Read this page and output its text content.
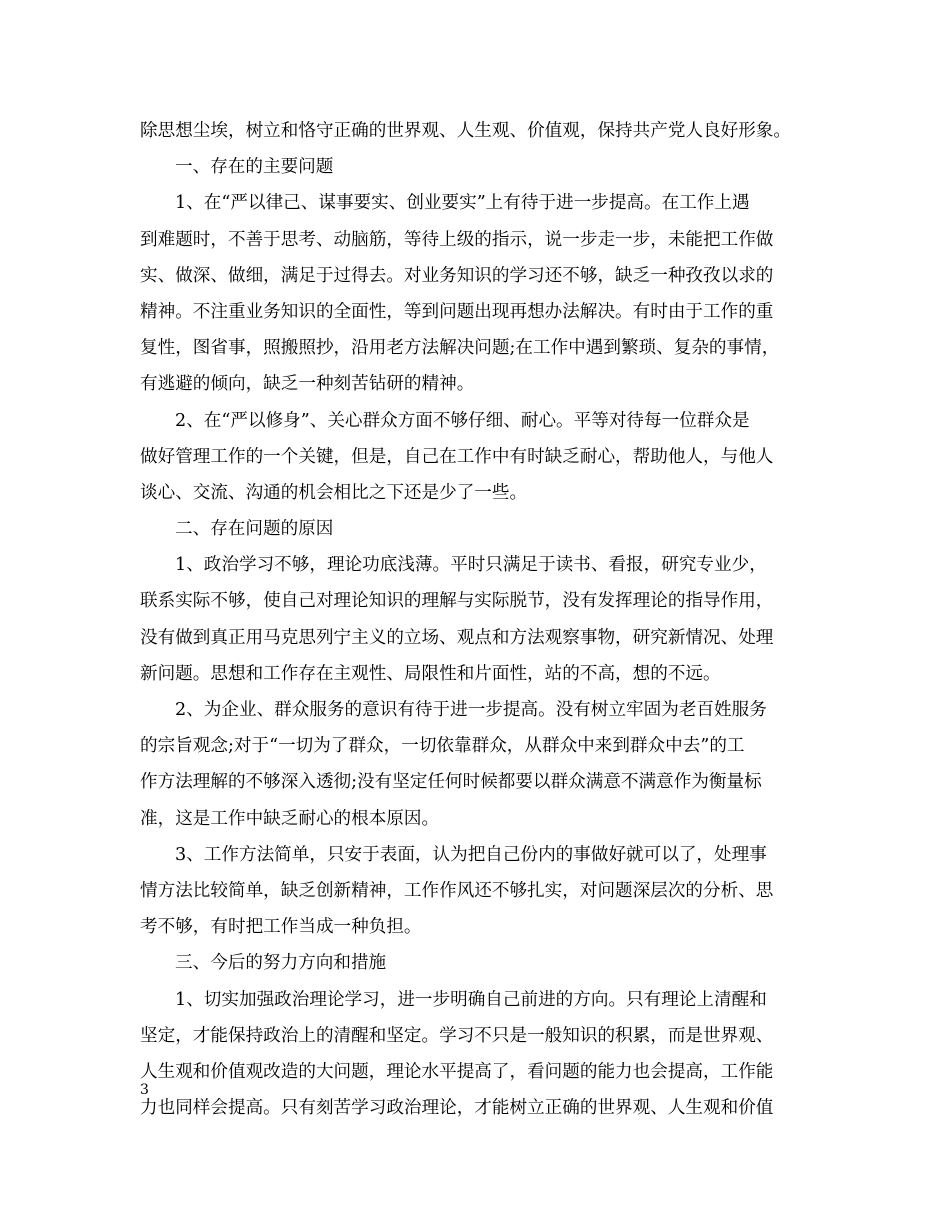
除思想尘埃，树立和恪守正确的世界观、人生观、价值观，保持共产党人良好形象。
一、存在的主要问题
1、在“严以律己、谋事要实、创业要实”上有待于进一步提高。在工作上遇
到难题时，不善于思考、动脑筋，等待上级的指示，说一步走一步，未能把工作做
实、做深、做细，满足于过得去。对业务知识的学习还不够，缺乏一种孜孜以求的
精神。不注重业务知识的全面性，等到问题出现再想办法解决。有时由于工作的重
复性，图省事，照搬照抄，沿用老方法解决问题;在工作中遇到繁琐、复杂的事情，
有逃避的倾向，缺乏一种刻苦钻研的精神。
2、在“严以修身”、关心群众方面不够仔细、耐心。平等对待每一位群众是
做好管理工作的一个关键，但是，自己在工作中有时缺乏耐心，帮助他人，与他人
谈心、交流、沟通的机会相比之下还是少了一些。
二、存在问题的原因
1、政治学习不够，理论功底浅薄。平时只满足于读书、看报，研究专业少，
联系实际不够，使自己对理论知识的理解与实际脱节，没有发挥理论的指导作用，
没有做到真正用马克思列宁主义的立场、观点和方法观察事物，研究新情况、处理
新问题。思想和工作存在主观性、局限性和片面性，站的不高，想的不远。
2、为企业、群众服务的意识有待于进一步提高。没有树立牢固为老百姓服务
的宗旨观念;对于“一切为了群众，一切依靠群众，从群众中来到群众中去”的工
作方法理解的不够深入透彻;没有坚定任何时候都要以群众满意不满意作为衡量标
准，这是工作中缺乏耐心的根本原因。
3、工作方法简单，只安于表面，认为把自己份内的事做好就可以了，处理事
情方法比较简单，缺乏创新精神，工作作风还不够扎实，对问题深层次的分析、思
考不够，有时把工作当成一种负担。
三、今后的努力方向和措施
1、切实加强政治理论学习，进一步明确自己前进的方向。只有理论上清醒和
坚定，才能保持政治上的清醒和坚定。学习不只是一般知识的积累，而是世界观、
人生观和价值观改造的大问题，理论水平提高了，看问题的能力也会提高，工作能
力也同样会提高。只有刻苦学习政治理论，才能树立正确的世界观、人生观和价值
3
